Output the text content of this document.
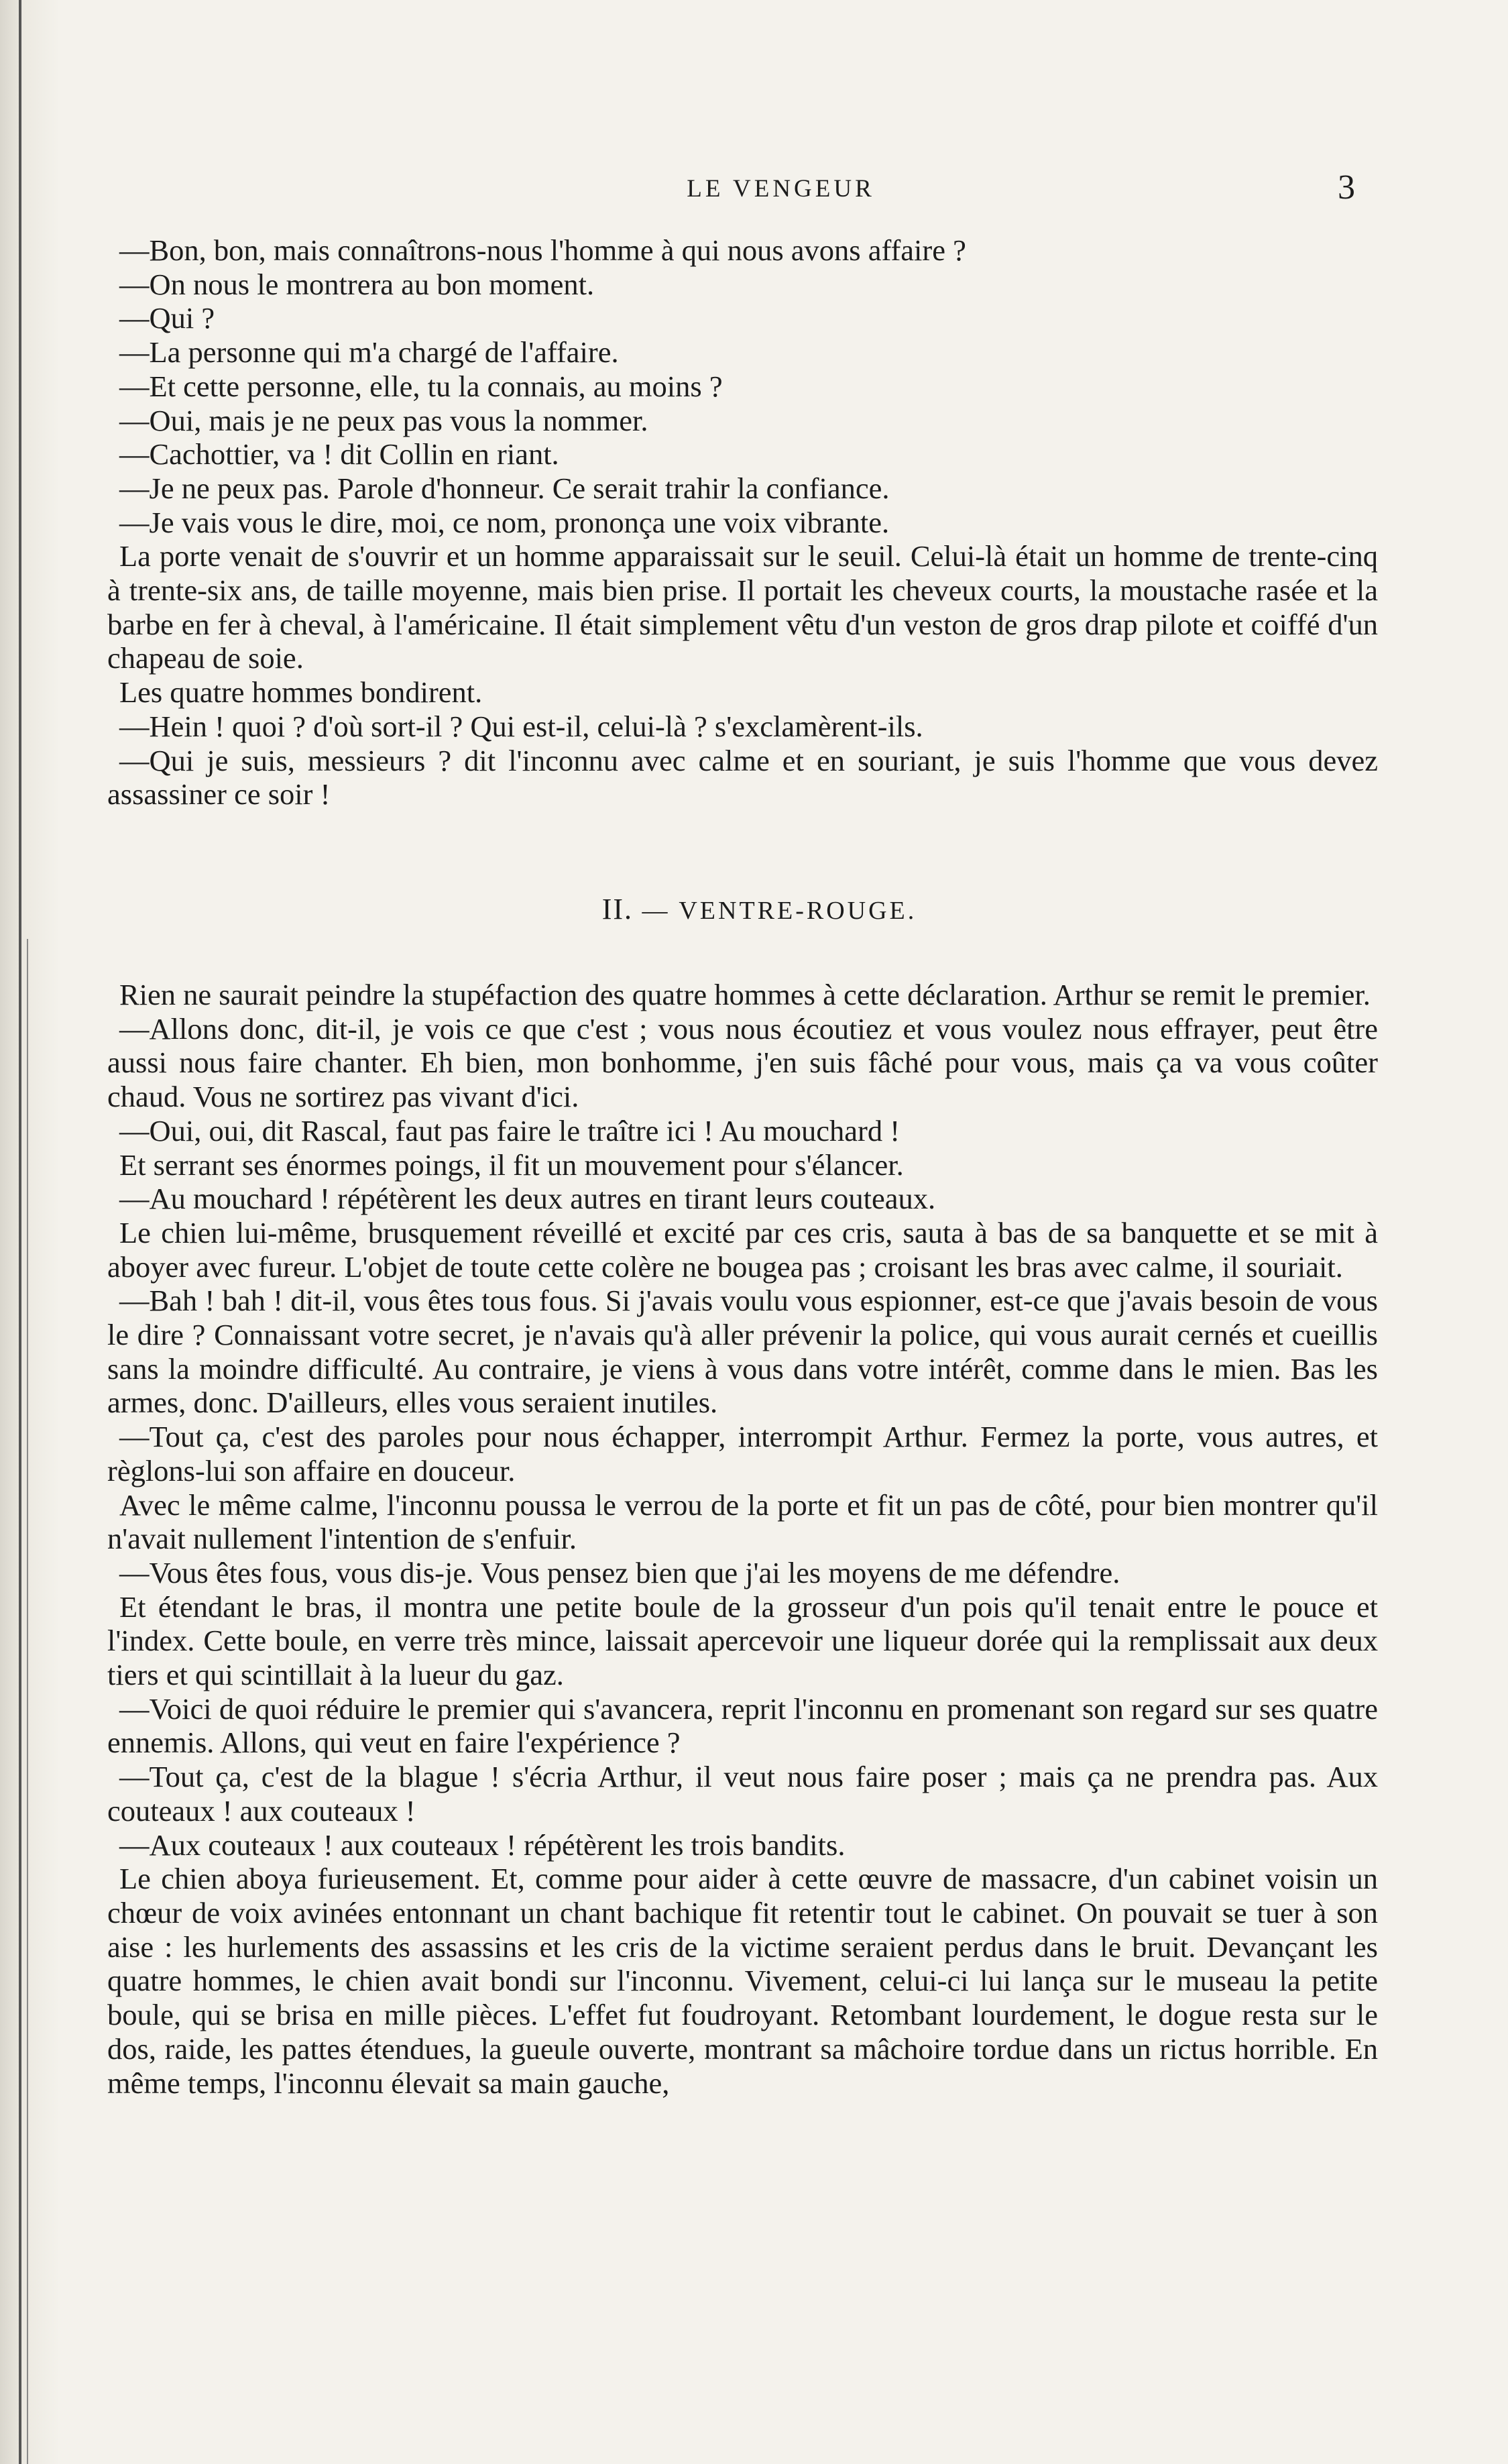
LE VENGEUR	3

—Bon, bon, mais connaîtrons-nous l'homme à qui nous avons affaire ?

—On nous le montrera au bon moment.

—Qui ?

—La personne qui m'a chargé de l'affaire.

—Et cette personne, elle, tu la connais, au moins ?

—Oui, mais je ne peux pas vous la nommer.

—Cachottier, va ! dit Collin en riant.

—Je ne peux pas. Parole d'honneur. Ce serait trahir la confiance.

—Je vais vous le dire, moi, ce nom, prononça une voix vibrante.

La porte venait de s'ouvrir et un homme apparaissait sur le seuil. Celui-là était un homme de trente-cinq à trente-six ans, de taille moyenne, mais bien prise. Il portait les cheveux courts, la moustache rasée et la barbe en fer à cheval, à l'américaine. Il était simplement vêtu d'un veston de gros drap pilote et coiffé d'un chapeau de soie.

Les quatre hommes bondirent.

—Hein ! quoi ? d'où sort-il ? Qui est-il, celui-là ? s'exclamèrent-ils.

—Qui je suis, messieurs ? dit l'inconnu avec calme et en souriant, je suis l'homme que vous devez assassiner ce soir !

II. — VENTRE-ROUGE.

Rien ne saurait peindre la stupéfaction des quatre hommes à cette déclaration. Arthur se remit le premier.

—Allons donc, dit-il, je vois ce que c'est ; vous nous écoutiez et vous voulez nous effrayer, peut être aussi nous faire chanter. Eh bien, mon bonhomme, j'en suis fâché pour vous, mais ça va vous coûter chaud. Vous ne sortirez pas vivant d'ici.

—Oui, oui, dit Rascal, faut pas faire le traître ici ! Au mouchard !

Et serrant ses énormes poings, il fit un mouvement pour s'élancer.

—Au mouchard ! répétèrent les deux autres en tirant leurs couteaux.

Le chien lui-même, brusquement réveillé et excité par ces cris, sauta à bas de sa banquette et se mit à aboyer avec fureur. L'objet de toute cette colère ne bougea pas ; croisant les bras avec calme, il souriait.

—Bah ! bah ! dit-il, vous êtes tous fous. Si j'avais voulu vous espionner, est-ce que j'avais besoin de vous le dire ? Connaissant votre secret, je n'avais qu'à aller prévenir la police, qui vous aurait cernés et cueillis sans la moindre difficulté. Au contraire, je viens à vous dans votre intérêt, comme dans le mien. Bas les armes, donc. D'ailleurs, elles vous seraient inutiles.

—Tout ça, c'est des paroles pour nous échapper, interrompit Arthur. Fermez la porte, vous autres, et règlons-lui son affaire en douceur.

Avec le même calme, l'inconnu poussa le verrou de la porte et fit un pas de côté, pour bien montrer qu'il n'avait nullement l'intention de s'enfuir.

—Vous êtes fous, vous dis-je. Vous pensez bien que j'ai les moyens de me défendre.

Et étendant le bras, il montra une petite boule de la grosseur d'un pois qu'il tenait entre le pouce et l'index. Cette boule, en verre très mince, laissait apercevoir une liqueur dorée qui la remplissait aux deux tiers et qui scintillait à la lueur du gaz.

—Voici de quoi réduire le premier qui s'avancera, reprit l'inconnu en promenant son regard sur ses quatre ennemis. Allons, qui veut en faire l'expérience ?

—Tout ça, c'est de la blague ! s'écria Arthur, il veut nous faire poser ; mais ça ne prendra pas. Aux couteaux ! aux couteaux !

—Aux couteaux ! aux couteaux ! répétèrent les trois bandits.

Le chien aboya furieusement. Et, comme pour aider à cette œuvre de massacre, d'un cabinet voisin un chœur de voix avinées entonnant un chant bachique fit retentir tout le cabinet. On pouvait se tuer à son aise : les hurlements des assassins et les cris de la victime seraient perdus dans le bruit. Devançant les quatre hommes, le chien avait bondi sur l'inconnu. Vivement, celui-ci lui lança sur le museau la petite boule, qui se brisa en mille pièces. L'effet fut foudroyant. Retombant lourdement, le dogue resta sur le dos, raide, les pattes étendues, la gueule ouverte, montrant sa mâchoire tordue dans un rictus horrible. En même temps, l'inconnu élevait sa main gauche,
